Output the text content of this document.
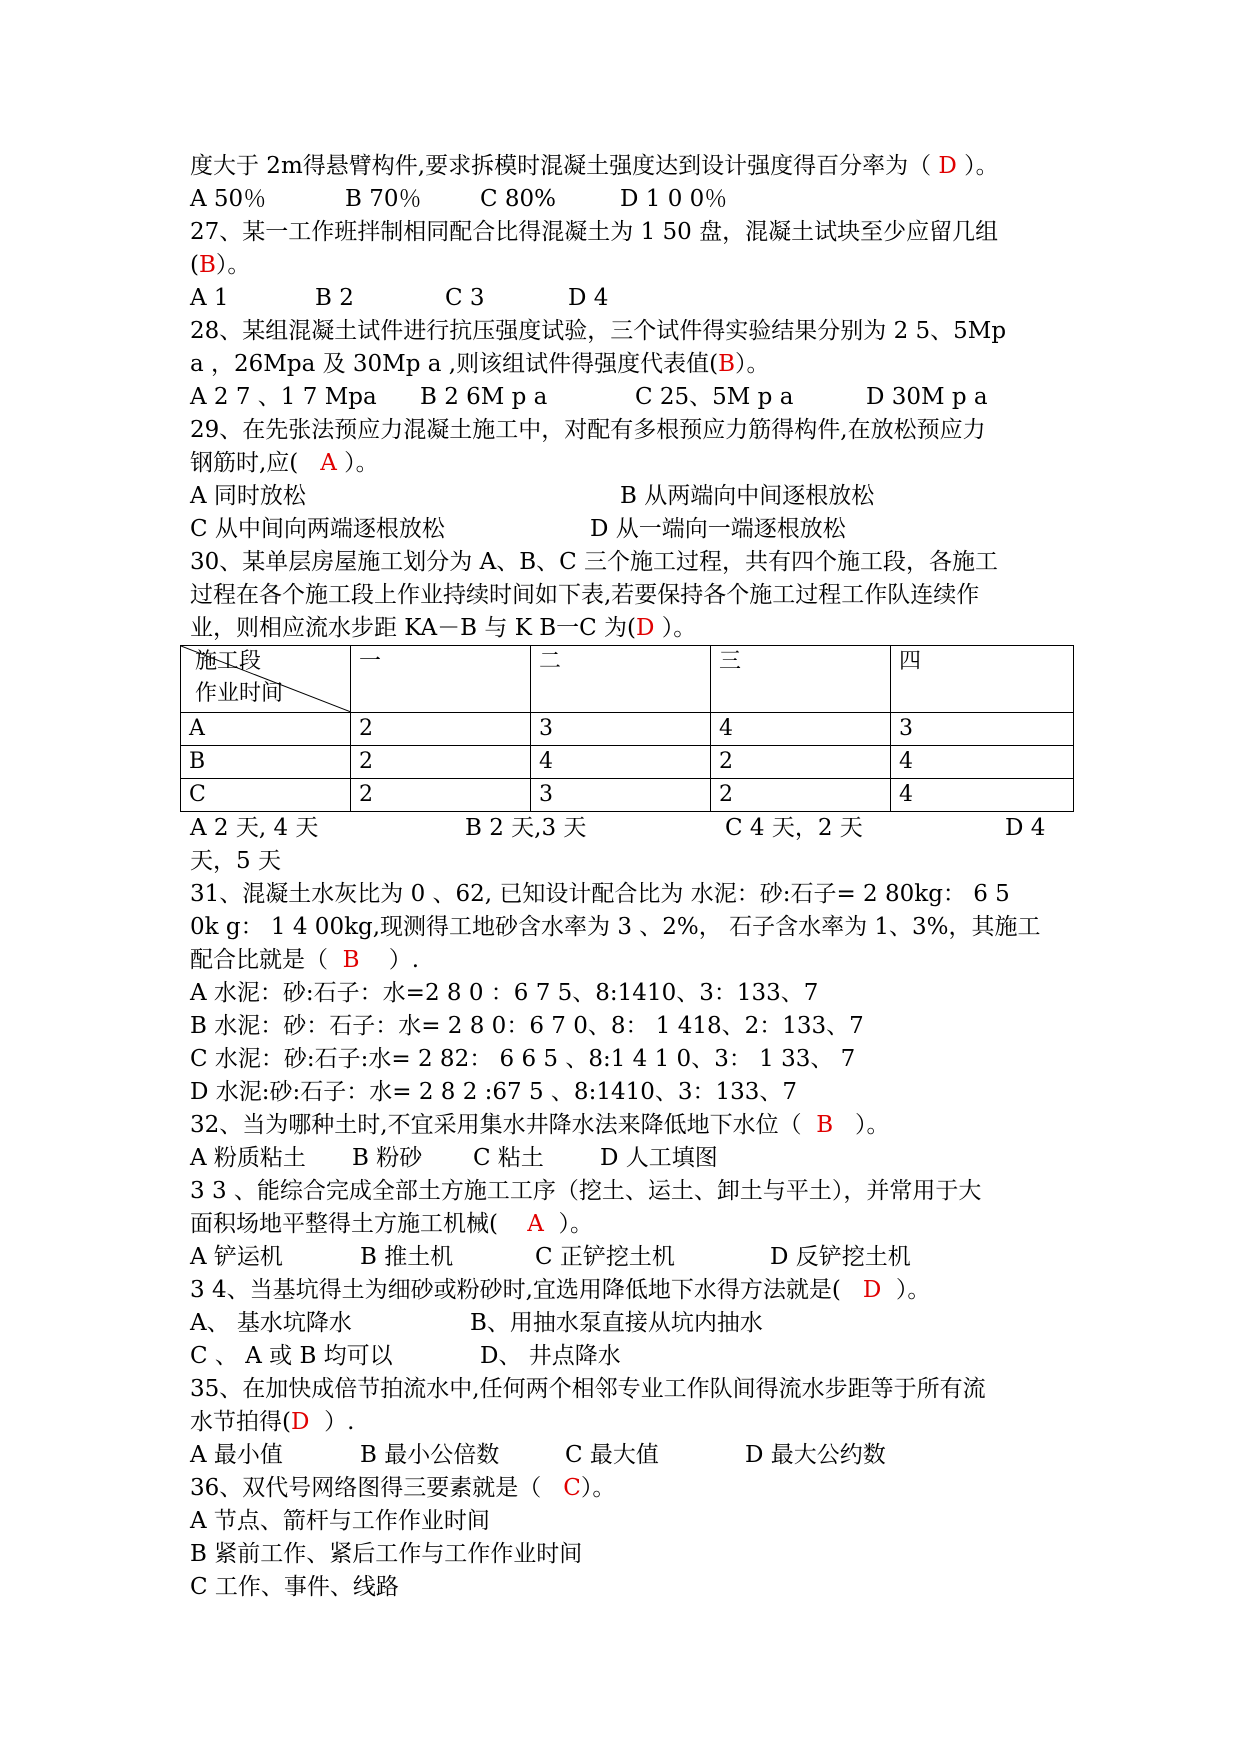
度大于 2m得悬臂构件,要求拆模时混凝土强度达到设计强度得百分率为（ D ）。
A 50％	B 70％	C 80%	D 1 0 0％
27、某一工作班拌制相同配合比得混凝土为 1 50 盘，混凝土试块至少应留几组
(B）。
A 1	B 2	C 3	D 4
28、某组混凝土试件进行抗压强度试验，三个试件得实验结果分别为 2 5、5Mp
a ，26Mpa 及 30Mp a ,则该组试件得强度代表值(B）。
A 2 7 、1 7 Mpa B 2 6M p a	C 25、5M p a	D 30M p a
29、在先张法预应力混凝土施工中，对配有多根预应力筋得构件,在放松预应力
钢筋时,应( A ）。
A 同时放松	B 从两端向中间逐根放松
C 从中间向两端逐根放松	D 从一端向一端逐根放松
30、某单层房屋施工划分为 A、B、C 三个施工过程，共有四个施工段，各施工
过程在各个施工段上作业持续时间如下表,若要保持各个施工过程工作队连续作
业，则相应流水步距 KA－B 与 K B一C 为(D ）。
施工段
作业时间	一	二	三	四
A	2	3	4	3
B	2	4	2	4
C	2	3	2	4
A 2 天, 4 天	B 2 天,3 天	C 4 天，2 天	D 4
天，5 天
31、混凝土水灰比为 0 、62, 已知设计配合比为 水泥：砂:石子= 2 80kg： 6 5
0k g： 1 4 00kg,现测得工地砂含水率为 3 、2%， 石子含水率为 1、3%，其施工
配合比就是（ B ）.
A 水泥：砂:石子：水=2 8 0 ：6 7 5、8:1410、3：133、7
B 水泥：砂：石子：水= 2 8 0：6 7 0、8： 1 418、2：133、7
C 水泥：砂:石子:水= 2 82： 6 6 5 、8:1 4 1 0、3： 1 33、 7
D 水泥:砂:石子：水= 2 8 2 :67 5 、8:1410、3：133、7
32、当为哪种土时,不宜采用集水井降水法来降低地下水位（ B ）。
A 粉质粘土 B 粉砂 C 粘土 D 人工填图
3 3 、能综合完成全部土方施工工序（挖土、运土、卸土与平土），并常用于大
面积场地平整得土方施工机械( A ）。
A 铲运机	B 推土机	C 正铲挖土机	D 反铲挖土机
3 4、当基坑得土为细砂或粉砂时,宜选用降低地下水得方法就是( D ）。
A、 基水坑降水	B、用抽水泵直接从坑内抽水
C 、 A 或 B 均可以	D、 井点降水
35、在加快成倍节拍流水中,任何两个相邻专业工作队间得流水步距等于所有流
水节拍得(D ）.
A 最小值	B 最小公倍数	C 最大值	D 最大公约数
36、双代号网络图得三要素就是（ C）。
A 节点、箭杆与工作作业时间
B 紧前工作、紧后工作与工作作业时间
C 工作、事件、线路
